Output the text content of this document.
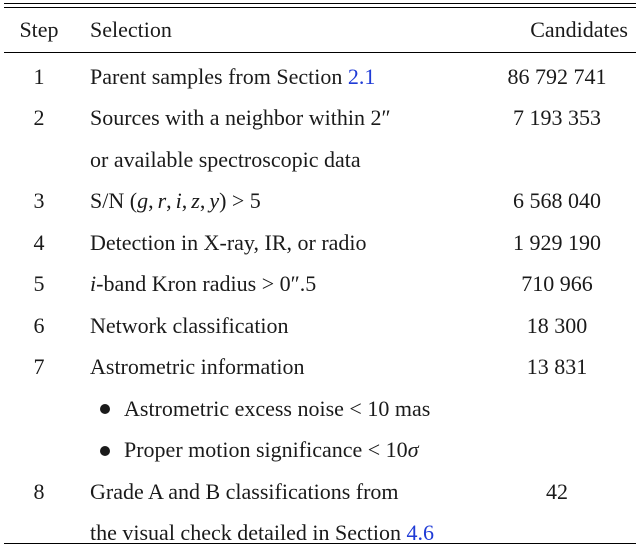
Step	Selection	Candidates

1	Parent samples from Section 2.1	86 792 741
2	Sources with a neighbor within 2″	7 193 353
	or available spectroscopic data	
3	S/N (g, r, i, z, y) > 5	6 568 040
4	Detection in X-ray, IR, or radio	1 929 190
5	i-band Kron radius > 0″.5	710 966
6	Network classification	18 300
7	Astrometric information	13 831
	Astrometric excess noise < 10 mas	
	Proper motion significance < 10σ	
8	Grade A and B classifications from	42
	the visual check detailed in Section 4.6	
